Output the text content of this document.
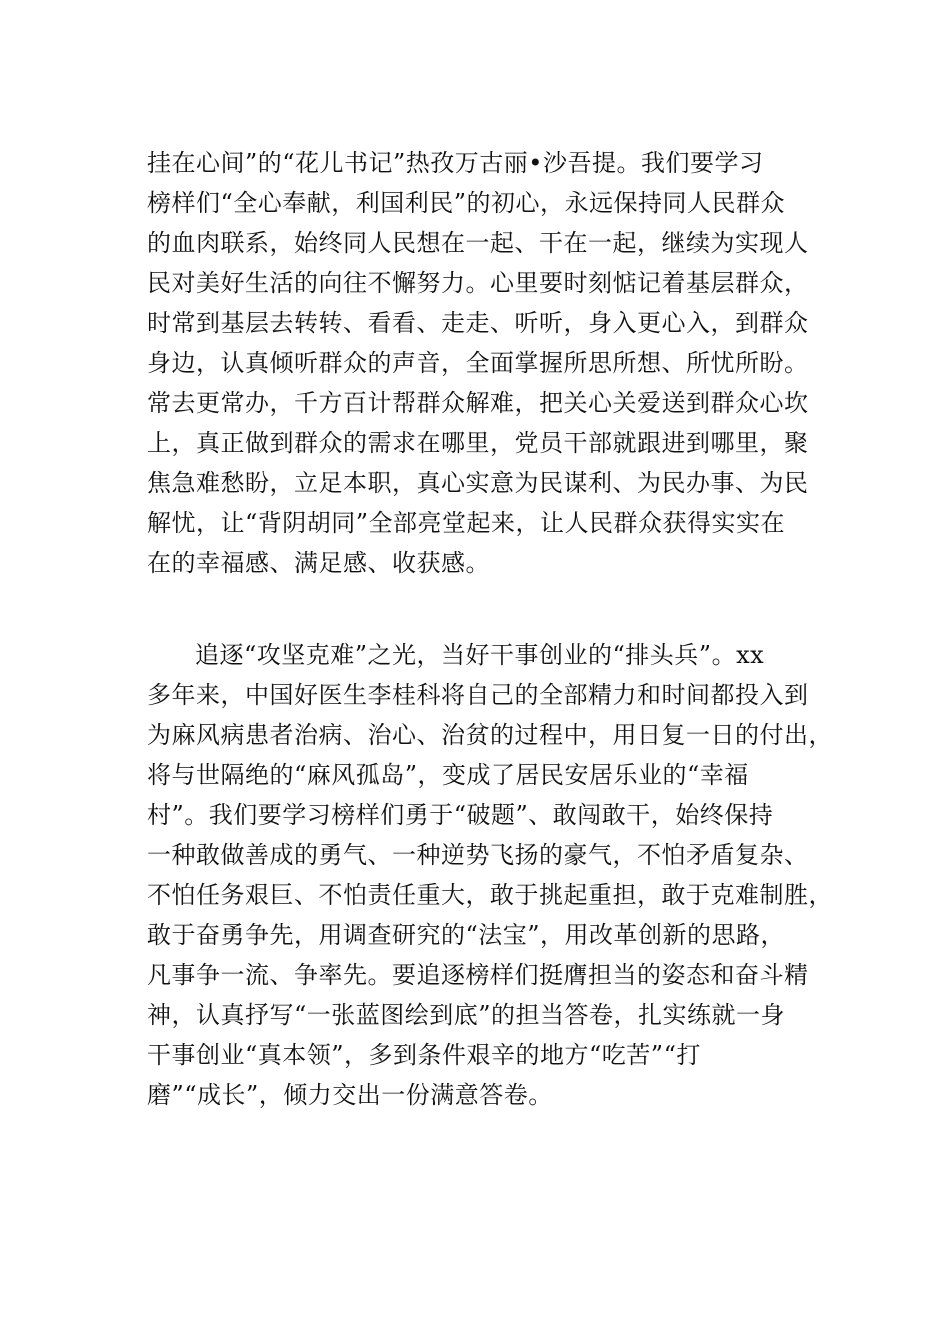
挂在心间”的“花儿书记”热孜万古丽•沙吾提。我们要学习
榜样们“全心奉献，利国利民”的初心，永远保持同人民群众
的血肉联系，始终同人民想在一起、干在一起，继续为实现人
民对美好生活的向往不懈努力。心里要时刻惦记着基层群众，
时常到基层去转转、看看、走走、听听，身入更心入，到群众
身边，认真倾听群众的声音，全面掌握所思所想、所忧所盼。
常去更常办，千方百计帮群众解难，把关心关爱送到群众心坎
上，真正做到群众的需求在哪里，党员干部就跟进到哪里，聚
焦急难愁盼，立足本职，真心实意为民谋利、为民办事、为民
解忧，让“背阴胡同”全部亮堂起来，让人民群众获得实实在
在的幸福感、满足感、收获感。
追逐“攻坚克难”之光，当好干事创业的“排头兵”。xx
多年来，中国好医生李桂科将自己的全部精力和时间都投入到
为麻风病患者治病、治心、治贫的过程中，用日复一日的付出，
将与世隔绝的“麻风孤岛”，变成了居民安居乐业的“幸福
村”。我们要学习榜样们勇于“破题”、敢闯敢干，始终保持
一种敢做善成的勇气、一种逆势飞扬的豪气，不怕矛盾复杂、
不怕任务艰巨、不怕责任重大，敢于挑起重担，敢于克难制胜，
敢于奋勇争先，用调查研究的“法宝”，用改革创新的思路，
凡事争一流、争率先。要追逐榜样们挺膺担当的姿态和奋斗精
神，认真抒写“一张蓝图绘到底”的担当答卷，扎实练就一身
干事创业“真本领”，多到条件艰辛的地方“吃苦”“打
磨”“成长”，倾力交出一份满意答卷。
